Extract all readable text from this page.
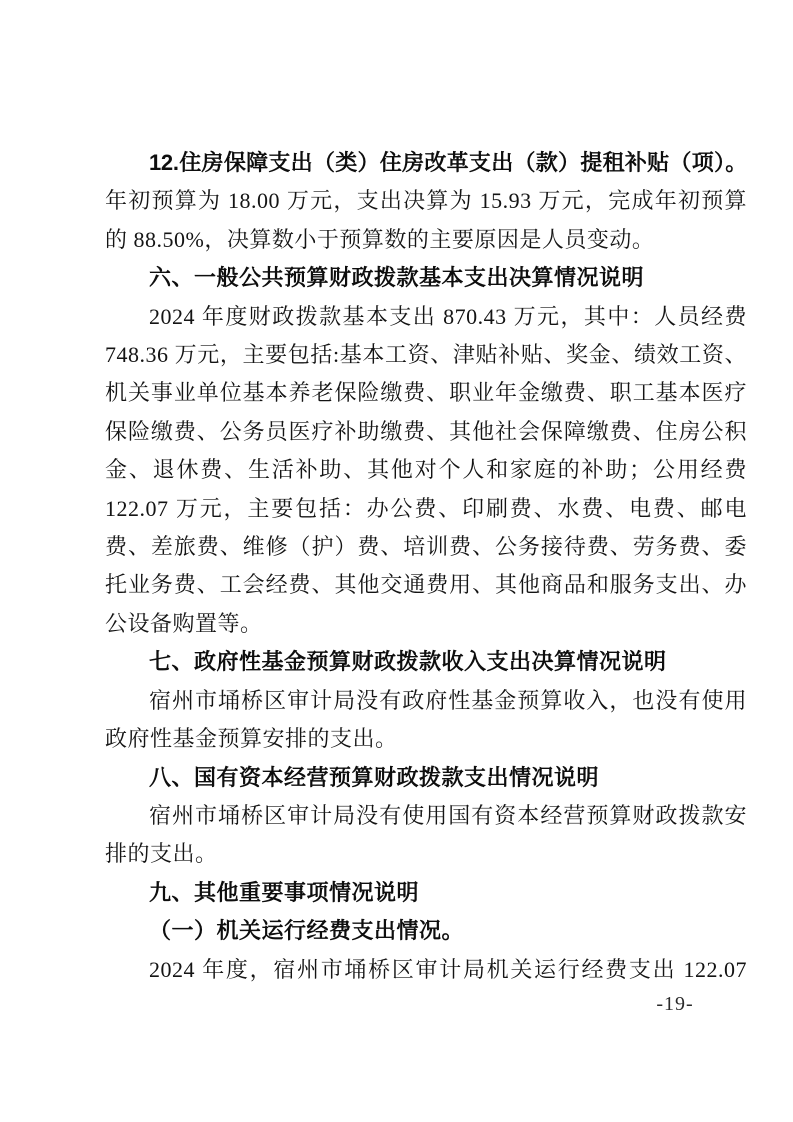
12.住房保障支出（类）住房改革支出（款）提租补贴（项）。年初预算为 18.00 万元，支出决算为 15.93 万元，完成年初预算的 88.50%，决算数小于预算数的主要原因是人员变动。

六、一般公共预算财政拨款基本支出决算情况说明

2024 年度财政拨款基本支出 870.43 万元，其中：人员经费 748.36 万元，主要包括:基本工资、津贴补贴、奖金、绩效工资、机关事业单位基本养老保险缴费、职业年金缴费、职工基本医疗保险缴费、公务员医疗补助缴费、其他社会保障缴费、住房公积金、退休费、生活补助、其他对个人和家庭的补助；公用经费 122.07 万元，主要包括：办公费、印刷费、水费、电费、邮电费、差旅费、维修（护）费、培训费、公务接待费、劳务费、委托业务费、工会经费、其他交通费用、其他商品和服务支出、办公设备购置等。

七、政府性基金预算财政拨款收入支出决算情况说明

宿州市埇桥区审计局没有政府性基金预算收入，也没有使用政府性基金预算安排的支出。

八、国有资本经营预算财政拨款支出情况说明

宿州市埇桥区审计局没有使用国有资本经营预算财政拨款安排的支出。

九、其他重要事项情况说明

（一）机关运行经费支出情况。

2024 年度，宿州市埇桥区审计局机关运行经费支出 122.07

-19-
